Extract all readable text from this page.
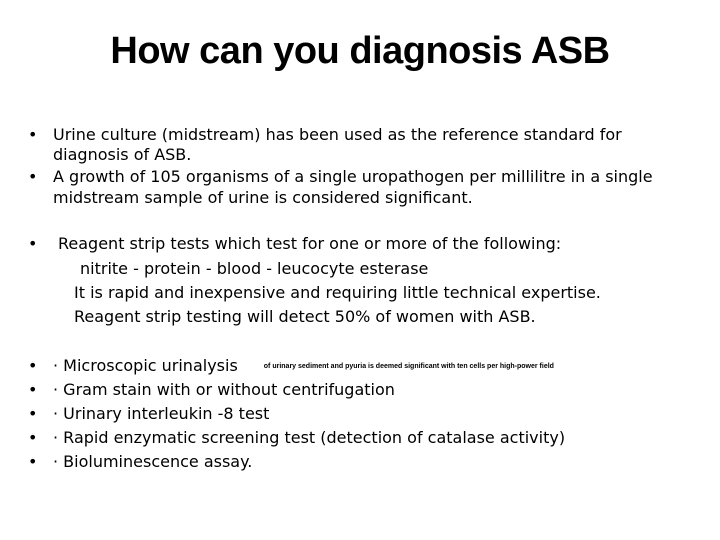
How can you diagnosis ASB
• Urine culture (midstream) has been used as the reference standard for
diagnosis of ASB.
• A growth of 105 organisms of a single uropathogen per millilitre in a single
midstream sample of urine is considered significant.
• Reagent strip tests which test for one or more of the following:
nitrite - protein - blood - leucocyte esterase
It is rapid and inexpensive and requiring little technical expertise.
Reagent strip testing will detect 50% of women with ASB.
• · Microscopic urinalysis	of urinary sediment and pyuria is deemed significant with ten cells per high-power field
• · Gram stain with or without centrifugation
• · Urinary interleukin -8 test
• · Rapid enzymatic screening test (detection of catalase activity)
• · Bioluminescence assay.
